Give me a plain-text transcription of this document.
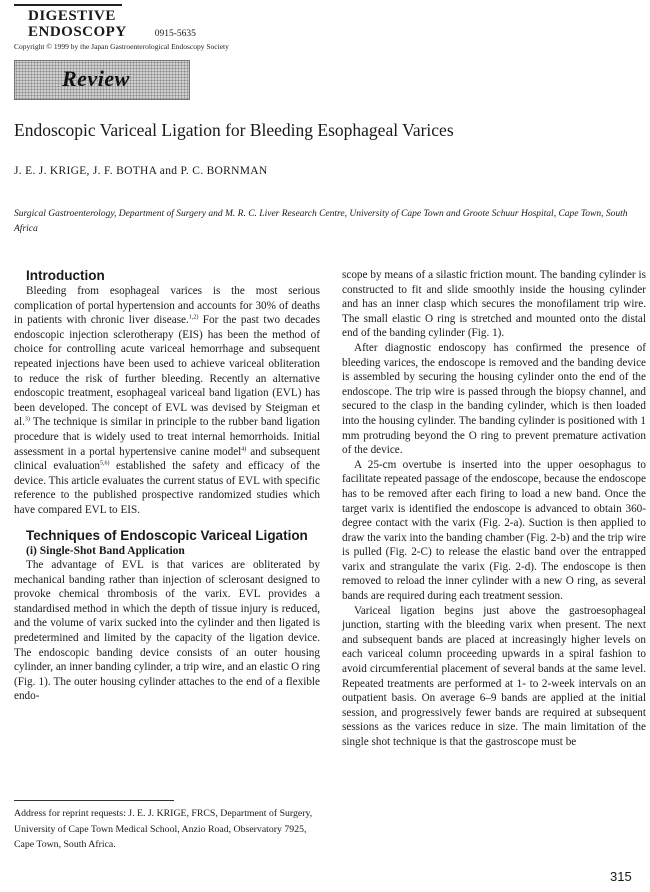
DIGESTIVE
ENDOSCOPY	0915-5635
Copyright © 1999 by the Japan Gastroenterological Endoscopy Society
Review
Endoscopic Variceal Ligation for Bleeding Esophageal Varices
J. E. J. KRIGE, J. F. BOTHA and P. C. BORNMAN
Surgical Gastroenterology, Department of Surgery and M. R. C. Liver Research Centre, University of Cape Town and Groote Schuur Hospital, Cape Town, South Africa

Introduction

Bleeding from esophageal varices is the most serious complication of portal hypertension and accounts for 30% of deaths in patients with chronic liver disease.$^{1,2)}$ For the past two decades endoscopic injection sclerotherapy (EIS) has been the method of choice for controlling acute variceal hemorrhage and subsequent repeated injections have been used to achieve variceal obliteration to reduce the risk of further bleeding. Recently an alternative endoscopic treatment, esophageal variceal band ligation (EVL) has been developed. The concept of EVL was devised by Steigman et al.$^{3)}$ The technique is similar in principle to the rubber band ligation procedure that is widely used to treat internal hemorrhoids. Initial assessment in a portal hypertensive canine model$^{4)}$ and subsequent clinical evaluation$^{5,6)}$ established the safety and efficacy of the device. This article evaluates the current status of EVL with specific reference to the published prospective randomized studies which have compared EVL to EIS.

Techniques of Endoscopic Variceal Ligation

(i) Single-Shot Band Application

The advantage of EVL is that varices are obliterated by mechanical banding rather than injection of sclerosant designed to provoke chemical thrombosis of the varix. EVL provides a standardised method in which the depth of tissue injury is reduced, and the volume of varix sucked into the cylinder and then ligated is predetermined and limited by the capacity of the ligation device. The endoscopic banding device consists of an outer housing cylinder, an inner banding cylinder, a trip wire, and an elastic O ring (Fig. 1). The outer housing cylinder attaches to the end of a flexible endo-

scope by means of a silastic friction mount. The banding cylinder is constructed to fit and slide smoothly inside the housing cylinder and has an inner clasp which secures the monofilament trip wire. The small elastic O ring is stretched and mounted onto the distal end of the banding cylinder (Fig. 1).

After diagnostic endoscopy has confirmed the presence of bleeding varices, the endoscope is removed and the banding device is assembled by securing the housing cylinder onto the end of the endoscope. The trip wire is passed through the biopsy channel, and secured to the clasp in the banding cylinder, which is then loaded into the housing cylinder. The banding cylinder is positioned with 1 mm protruding beyond the O ring to prevent premature activation of the device.

A 25-cm overtube is inserted into the upper oesophagus to facilitate repeated passage of the endoscope, because the endoscope has to be removed after each firing to load a new band. Once the target varix is identified the endoscope is advanced to obtain 360-degree contact with the varix (Fig. 2-a). Suction is then applied to draw the varix into the banding chamber (Fig. 2-b) and the trip wire is pulled (Fig. 2-C) to release the elastic band over the entrapped varix and strangulate the varix (Fig. 2-d). The endoscope is then removed to reload the inner cylinder with a new O ring, as several bands are required during each treatment session.

Variceal ligation begins just above the gastroesophageal junction, starting with the bleeding varix when present. The next and subsequent bands are placed at increasingly higher levels on each variceal column proceeding upwards in a spiral fashion to avoid circumferential placement of several bands at the same level. Repeated treatments are performed at 1- to 2-week intervals on an outpatient basis. On average 6–9 bands are applied at the initial session, and progressively fewer bands are required at subsequent sessions as the varices reduce in size. The main limitation of the single shot technique is that the gastroscope must be

Address for reprint requests: J. E. J. KRIGE, FRCS, Department of Surgery, University of Cape Town Medical School, Anzio Road, Observatory 7925, Cape Town, South Africa.
315
